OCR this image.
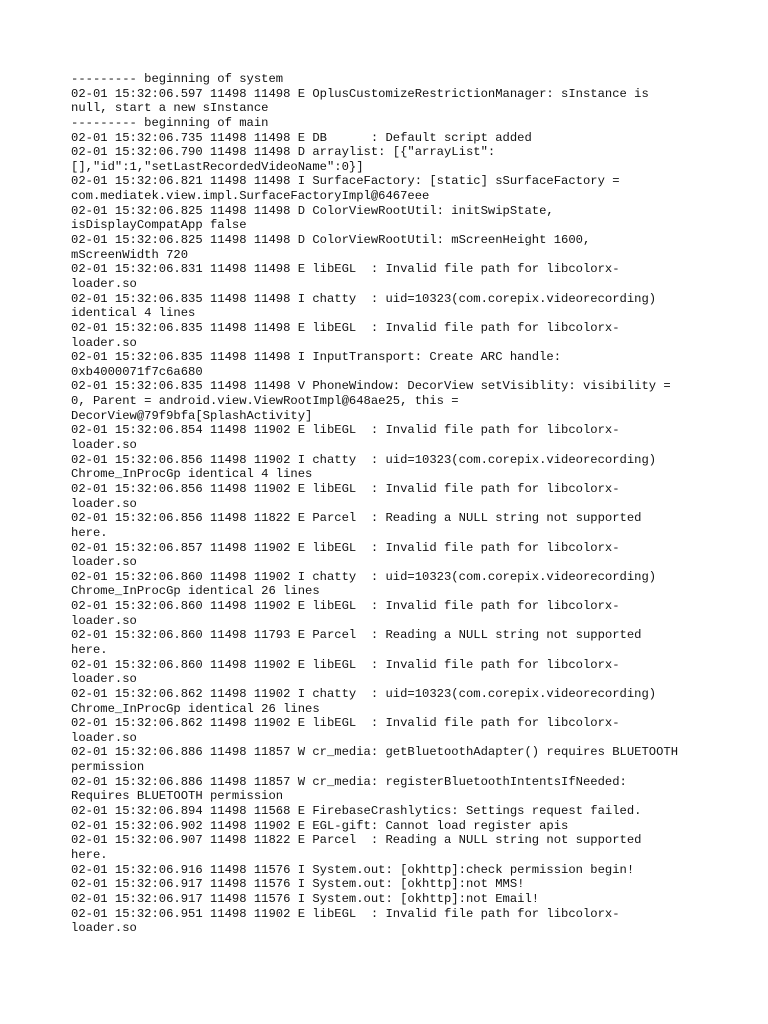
--------- beginning of system
02-01 15:32:06.597 11498 11498 E OplusCustomizeRestrictionManager: sInstance is
null, start a new sInstance
--------- beginning of main
02-01 15:32:06.735 11498 11498 E DB      : Default script added
02-01 15:32:06.790 11498 11498 D arraylist: [{"arrayList":
[],"id":1,"setLastRecordedVideoName":0}]
02-01 15:32:06.821 11498 11498 I SurfaceFactory: [static] sSurfaceFactory =
com.mediatek.view.impl.SurfaceFactoryImpl@6467eee
02-01 15:32:06.825 11498 11498 D ColorViewRootUtil: initSwipState,
isDisplayCompatApp false
02-01 15:32:06.825 11498 11498 D ColorViewRootUtil: mScreenHeight 1600,
mScreenWidth 720
02-01 15:32:06.831 11498 11498 E libEGL  : Invalid file path for libcolorx-
loader.so
02-01 15:32:06.835 11498 11498 I chatty  : uid=10323(com.corepix.videorecording)
identical 4 lines
02-01 15:32:06.835 11498 11498 E libEGL  : Invalid file path for libcolorx-
loader.so
02-01 15:32:06.835 11498 11498 I InputTransport: Create ARC handle:
0xb4000071f7c6a680
02-01 15:32:06.835 11498 11498 V PhoneWindow: DecorView setVisiblity: visibility =
0, Parent = android.view.ViewRootImpl@648ae25, this =
DecorView@79f9bfa[SplashActivity]
02-01 15:32:06.854 11498 11902 E libEGL  : Invalid file path for libcolorx-
loader.so
02-01 15:32:06.856 11498 11902 I chatty  : uid=10323(com.corepix.videorecording)
Chrome_InProcGp identical 4 lines
02-01 15:32:06.856 11498 11902 E libEGL  : Invalid file path for libcolorx-
loader.so
02-01 15:32:06.856 11498 11822 E Parcel  : Reading a NULL string not supported
here.
02-01 15:32:06.857 11498 11902 E libEGL  : Invalid file path for libcolorx-
loader.so
02-01 15:32:06.860 11498 11902 I chatty  : uid=10323(com.corepix.videorecording)
Chrome_InProcGp identical 26 lines
02-01 15:32:06.860 11498 11902 E libEGL  : Invalid file path for libcolorx-
loader.so
02-01 15:32:06.860 11498 11793 E Parcel  : Reading a NULL string not supported
here.
02-01 15:32:06.860 11498 11902 E libEGL  : Invalid file path for libcolorx-
loader.so
02-01 15:32:06.862 11498 11902 I chatty  : uid=10323(com.corepix.videorecording)
Chrome_InProcGp identical 26 lines
02-01 15:32:06.862 11498 11902 E libEGL  : Invalid file path for libcolorx-
loader.so
02-01 15:32:06.886 11498 11857 W cr_media: getBluetoothAdapter() requires BLUETOOTH
permission
02-01 15:32:06.886 11498 11857 W cr_media: registerBluetoothIntentsIfNeeded:
Requires BLUETOOTH permission
02-01 15:32:06.894 11498 11568 E FirebaseCrashlytics: Settings request failed.
02-01 15:32:06.902 11498 11902 E EGL-gift: Cannot load register apis
02-01 15:32:06.907 11498 11822 E Parcel  : Reading a NULL string not supported
here.
02-01 15:32:06.916 11498 11576 I System.out: [okhttp]:check permission begin!
02-01 15:32:06.917 11498 11576 I System.out: [okhttp]:not MMS!
02-01 15:32:06.917 11498 11576 I System.out: [okhttp]:not Email!
02-01 15:32:06.951 11498 11902 E libEGL  : Invalid file path for libcolorx-
loader.so
